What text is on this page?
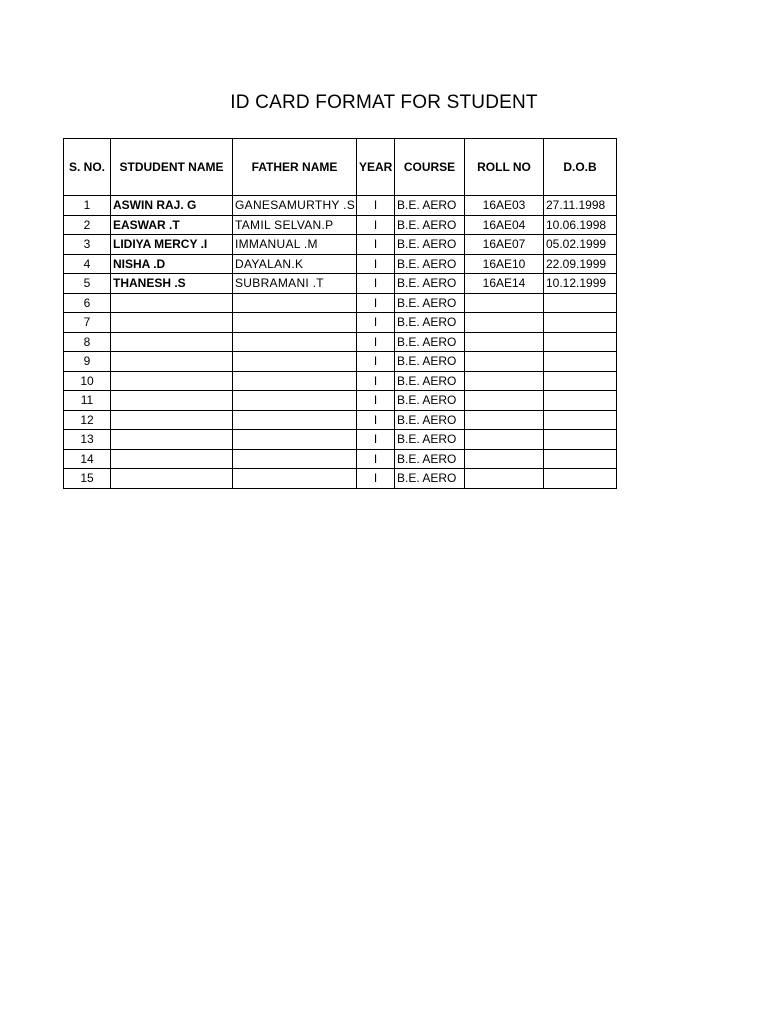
ID CARD FORMAT FOR STUDENT
S. NO.	STDUDENT NAME	FATHER NAME	YEAR	COURSE	ROLL NO	D.O.B
1	ASWIN RAJ. G	GANESAMURTHY .S	I	B.E. AERO	16AE03	27.11.1998
2	EASWAR .T	TAMIL SELVAN.P	I	B.E. AERO	16AE04	10.06.1998
3	LIDIYA MERCY .I	IMMANUAL .M	I	B.E. AERO	16AE07	05.02.1999
4	NISHA .D	DAYALAN.K	I	B.E. AERO	16AE10	22.09.1999
5	THANESH .S	SUBRAMANI .T	I	B.E. AERO	16AE14	10.12.1999
6			I	B.E. AERO		
7			I	B.E. AERO		
8			I	B.E. AERO		
9			I	B.E. AERO		
10			I	B.E. AERO		
11			I	B.E. AERO		
12			I	B.E. AERO		
13			I	B.E. AERO		
14			I	B.E. AERO		
15			I	B.E. AERO		
